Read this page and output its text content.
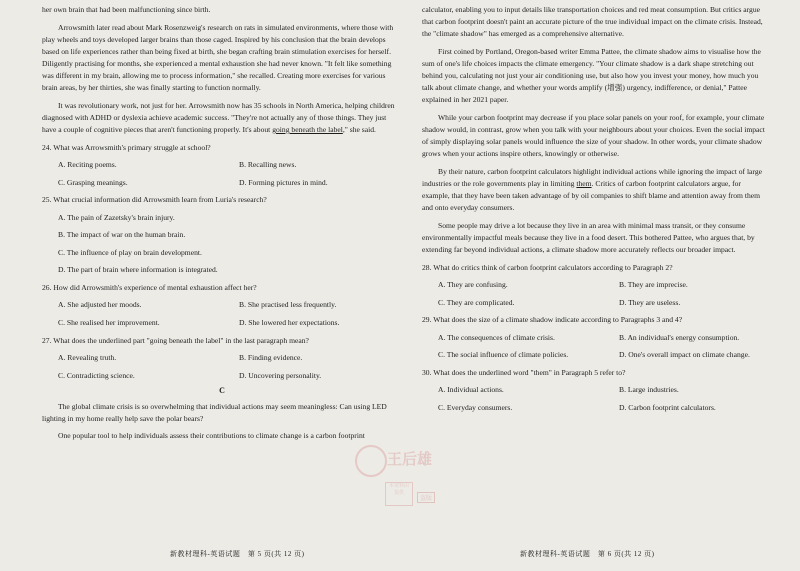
her own brain that had been malfunctioning since birth.

Arrowsmith later read about Mark Rosenzweig's research on rats in simulated environments, where those with play wheels and toys developed larger brains than those caged. Inspired by his conclusion that the brain develops based on life experiences rather than being fixed at birth, she began crafting brain stimulation exercises for herself. Diligently practising for months, she experienced a mental exhaustion she had never known. "It felt like something was different in my brain, allowing me to process information," she recalled. Creating more exercises for various brain areas, by her thirties, she was finally starting to function normally.

It was revolutionary work, not just for her. Arrowsmith now has 35 schools in North America, helping children diagnosed with ADHD or dyslexia achieve academic success. "They're not actually any of those things. They just have a couple of cognitive pieces that aren't functioning properly. It's about going beneath the label," she said.

24. What was Arrowsmith's primary struggle at school?
A. Reciting poems.	B. Recalling news.
C. Grasping meanings.	D. Forming pictures in mind.
25. What crucial information did Arrowsmith learn from Luria's research?
A. The pain of Zazetsky's brain injury.
B. The impact of war on the human brain.
C. The influence of play on brain development.
D. The part of brain where information is integrated.
26. How did Arrowsmith's experience of mental exhaustion affect her?
A. She adjusted her moods.	B. She practised less frequently.
C. She realised her improvement.	D. She lowered her expectations.
27. What does the underlined part "going beneath the label" in the last paragraph mean?
A. Revealing truth.	B. Finding evidence.
C. Contradicting science.	D. Uncovering personality.
C

The global climate crisis is so overwhelming that individual actions may seem meaningless: Can using LED lighting in my home really help save the polar bears?

One popular tool to help individuals assess their contributions to climate change is a carbon footprint

calculator, enabling you to input details like transportation choices and red meat consumption. But critics argue that carbon footprint doesn't paint an accurate picture of the true individual impact on the climate crisis. Instead, the "climate shadow" has emerged as a comprehensive alternative.

First coined by Portland, Oregon-based writer Emma Pattee, the climate shadow aims to visualise how the sum of one's life choices impacts the climate emergency. "Your climate shadow is a dark shape stretching out behind you, calculating not just your air conditioning use, but also how you invest your money, how much you talk about climate change, and whether your words amplify (增强) urgency, indifference, or denial," Pattee explained in her 2021 paper.

While your carbon footprint may decrease if you place solar panels on your roof, for example, your climate shadow would, in contrast, grow when you talk with your neighbours about your choices. Even the social impact of simply displaying solar panels would influence the size of your shadow. In other words, your climate shadow grows when your actions inspire others, knowingly or otherwise.

By their nature, carbon footprint calculators highlight individual actions while ignoring the impact of large industries or the role governments play in limiting them. Critics of carbon footprint calculators argue, for example, that they have been taken advantage of by oil companies to shift blame and attention away from them and onto everyday consumers.

Some people may drive a lot because they live in an area with minimal mass transit, or they consume environmentally impactful meals because they live in a food desert. This bothered Pattee, who argues that, by extending far beyond individual actions, a climate shadow more accurately reflects our broader impact.

28. What do critics think of carbon footprint calculators according to Paragraph 2?
A. They are confusing.	B. They are imprecise.
C. They are complicated.	D. They are useless.
29. What does the size of a climate shadow indicate according to Paragraphs 3 and 4?
A. The consequences of climate crisis.	B. An individual's energy consumption.
C. The social influence of climate policies.	D. One's overall impact on climate change.
30. What does the underlined word "them" in Paragraph 5 refer to?
A. Individual actions.	B. Large industries.
C. Everyday consumers.	D. Carbon footprint calculators.
新教材理科-英语试题　第 5 页(共 12 页)	新教材理科-英语试题　第 6 页(共 12 页)
王后雄
本资料由 提供
盗版
